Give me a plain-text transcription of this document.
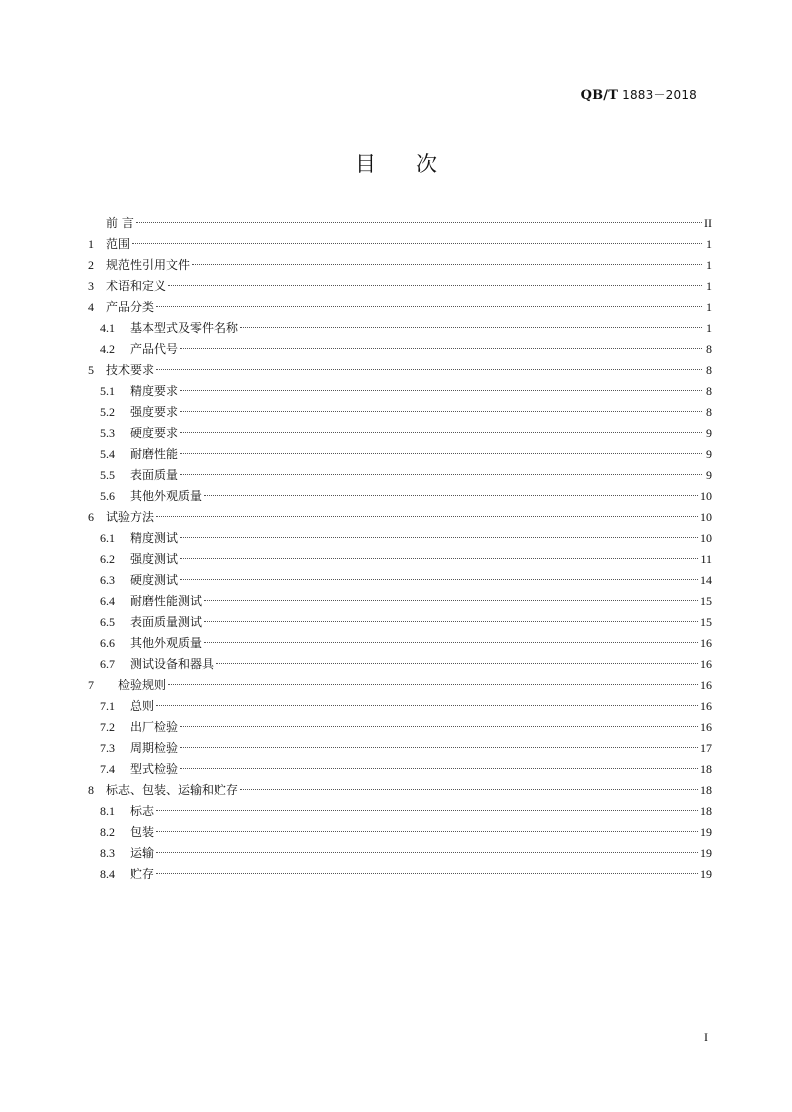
QB/T 1883－2018
目次
前 言	II
1	范围	1
2	规范性引用文件	1
3	术语和定义	1
4	产品分类	1
4.1	基本型式及零件名称	1
4.2	产品代号	8
5	技术要求	8
5.1	精度要求	8
5.2	强度要求	8
5.3	硬度要求	9
5.4	耐磨性能	9
5.5	表面质量	9
5.6	其他外观质量	10
6	试验方法	10
6.1	精度测试	10
6.2	强度测试	11
6.3	硬度测试	14
6.4	耐磨性能测试	15
6.5	表面质量测试	15
6.6	其他外观质量	16
6.7	测试设备和器具	16
7	检验规则	16
7.1	总则	16
7.2	出厂检验	16
7.3	周期检验	17
7.4	型式检验	18
8	标志、包装、运输和贮存	18
8.1	标志	18
8.2	包装	19
8.3	运输	19
8.4	贮存	19
I
